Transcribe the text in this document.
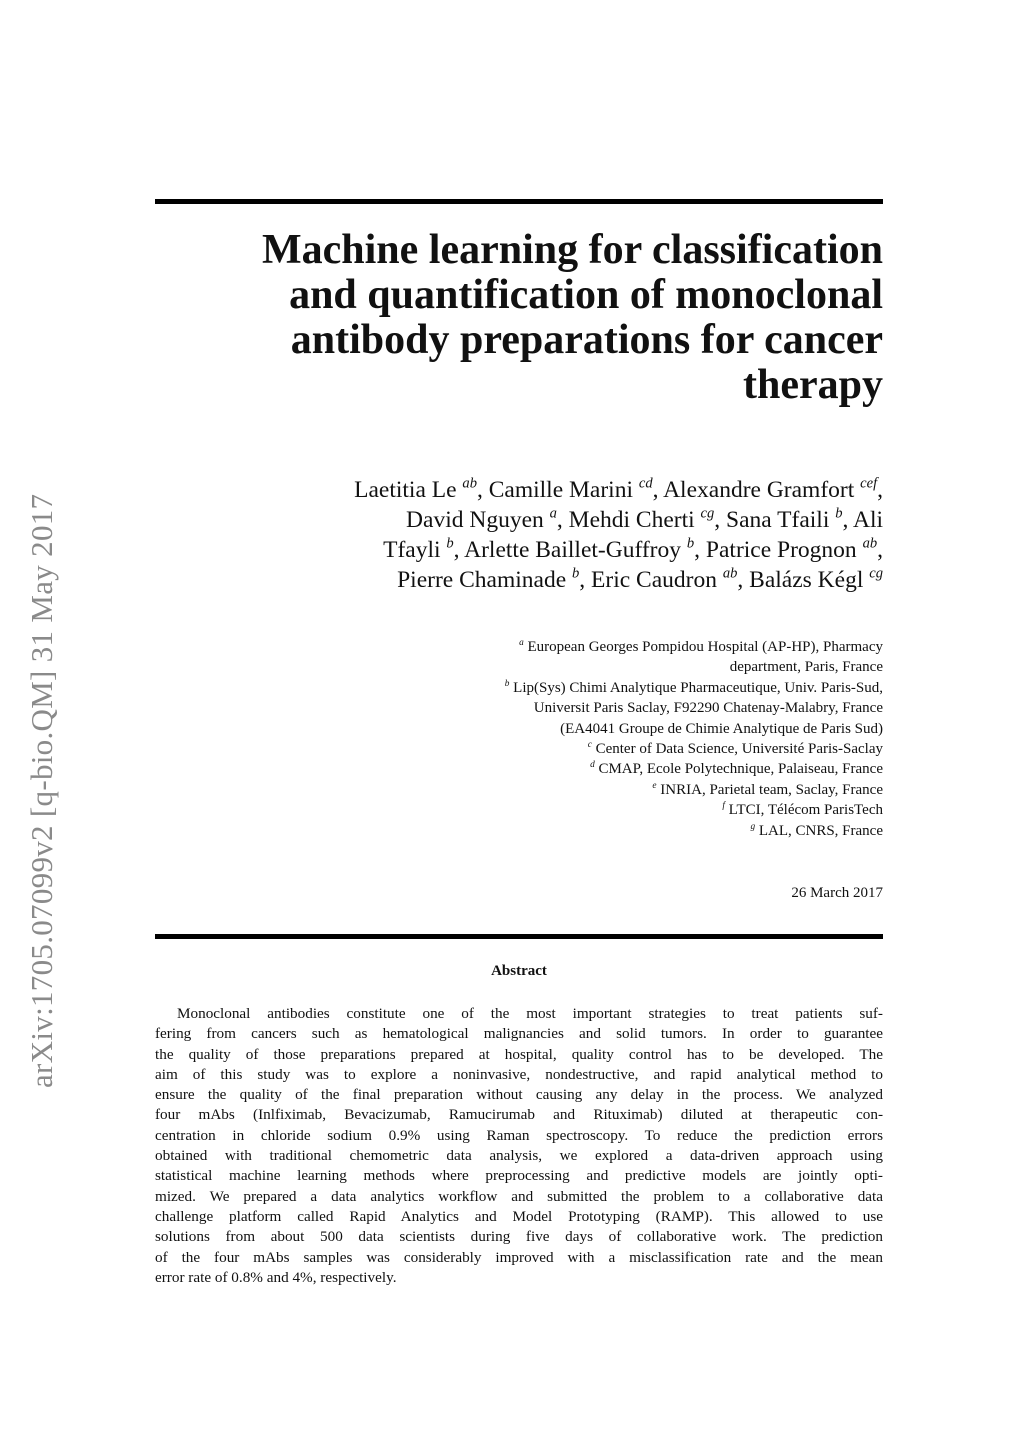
arXiv:1705.07099v2 [q-bio.QM] 31 May 2017
Machine learning for classification
and quantification of monoclonal
antibody preparations for cancer
therapy
Laetitia Le $^{ab}$, Camille Marini $^{cd}$, Alexandre Gramfort $^{cef}$,
David Nguyen $^a$, Mehdi Cherti $^{cg}$, Sana Tfaili $^b$, Ali
Tfayli $^b$, Arlette Baillet-Guffroy $^b$, Patrice Prognon $^{ab}$,
Pierre Chaminade $^b$, Eric Caudron $^{ab}$, Balázs Kégl $^{cg}$
$^a$ European Georges Pompidou Hospital (AP-HP), Pharmacy
department, Paris, France
$^b$ Lip(Sys) Chimi Analytique Pharmaceutique, Univ. Paris-Sud,
Universit Paris Saclay, F92290 Chatenay-Malabry, France
(EA4041 Groupe de Chimie Analytique de Paris Sud)
$^c$ Center of Data Science, Université Paris-Saclay
$^d$ CMAP, Ecole Polytechnique, Palaiseau, France
$^e$ INRIA, Parietal team, Saclay, France
$^f$ LTCI, Télécom ParisTech
$^g$ LAL, CNRS, France
26 March 2017
Abstract
Monoclonal antibodies constitute one of the most important strategies to treat patients suf-
fering from cancers such as hematological malignancies and solid tumors. In order to guarantee
the quality of those preparations prepared at hospital, quality control has to be developed. The
aim of this study was to explore a noninvasive, nondestructive, and rapid analytical method to
ensure the quality of the final preparation without causing any delay in the process. We analyzed
four mAbs (Inlfiximab, Bevacizumab, Ramucirumab and Rituximab) diluted at therapeutic con-
centration in chloride sodium 0.9% using Raman spectroscopy. To reduce the prediction errors
obtained with traditional chemometric data analysis, we explored a data-driven approach using
statistical machine learning methods where preprocessing and predictive models are jointly opti-
mized. We prepared a data analytics workflow and submitted the problem to a collaborative data
challenge platform called Rapid Analytics and Model Prototyping (RAMP). This allowed to use
solutions from about 500 data scientists during five days of collaborative work. The prediction
of the four mAbs samples was considerably improved with a misclassification rate and the mean
error rate of 0.8% and 4%, respectively.
